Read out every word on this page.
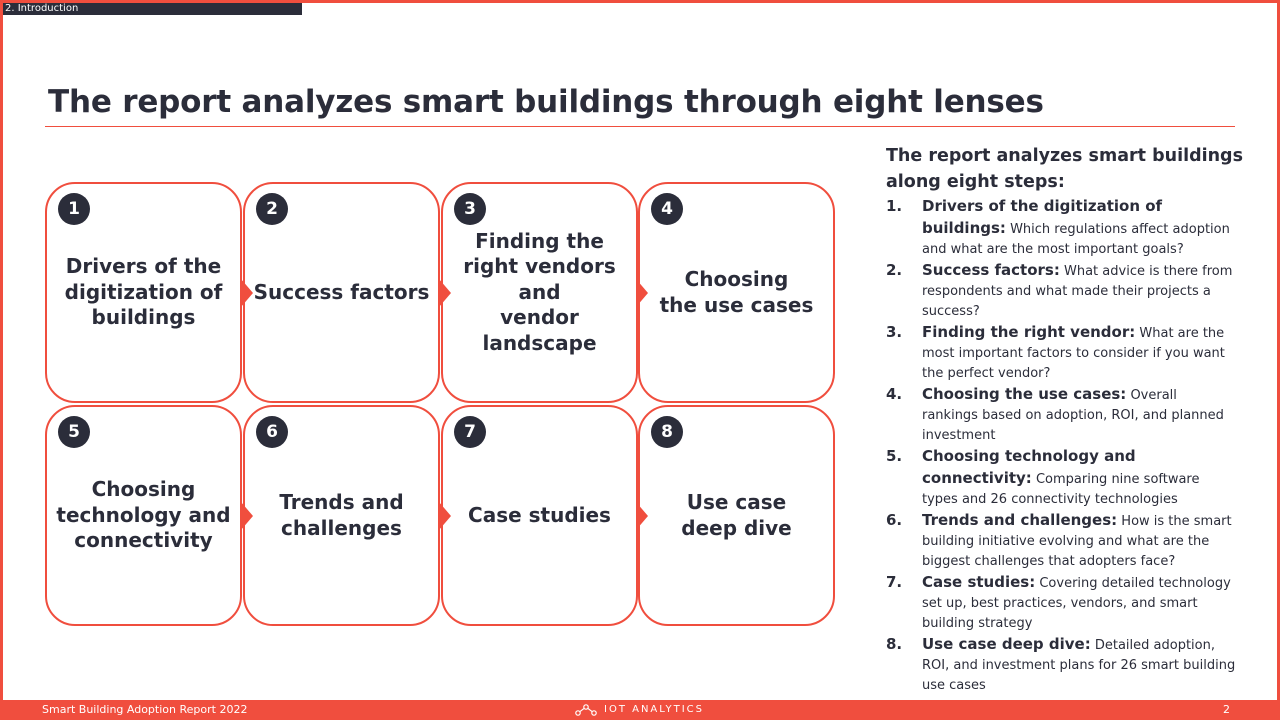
2. Introduction
The report analyzes smart buildings through eight lenses
1
Drivers of the
digitization of
buildings
2
Success factors
3
Finding the
right vendors
and
vendor
landscape
4
Choosing
the use cases
5
Choosing
technology and
connectivity
6
Trends and
challenges
7
Case studies
8
Use case
deep dive
The report analyzes smart buildings along eight steps:
1. Drivers of the digitization of buildings: Which regulations affect adoption and what are the most important goals?
2. Success factors: What advice is there from respondents and what made their projects a success?
3. Finding the right vendor: What are the most important factors to consider if you want the perfect vendor?
4. Choosing the use cases: Overall rankings based on adoption, ROI, and planned investment
5. Choosing technology and connectivity: Comparing nine software types and 26 connectivity technologies
6. Trends and challenges: How is the smart building initiative evolving and what are the biggest challenges that adopters face?
7. Case studies: Covering detailed technology set up, best practices, vendors, and smart building strategy
8. Use case deep dive: Detailed adoption, ROI, and investment plans for 26 smart building use cases
Smart Building Adoption Report 2022	IOT ANALYTICS	2
